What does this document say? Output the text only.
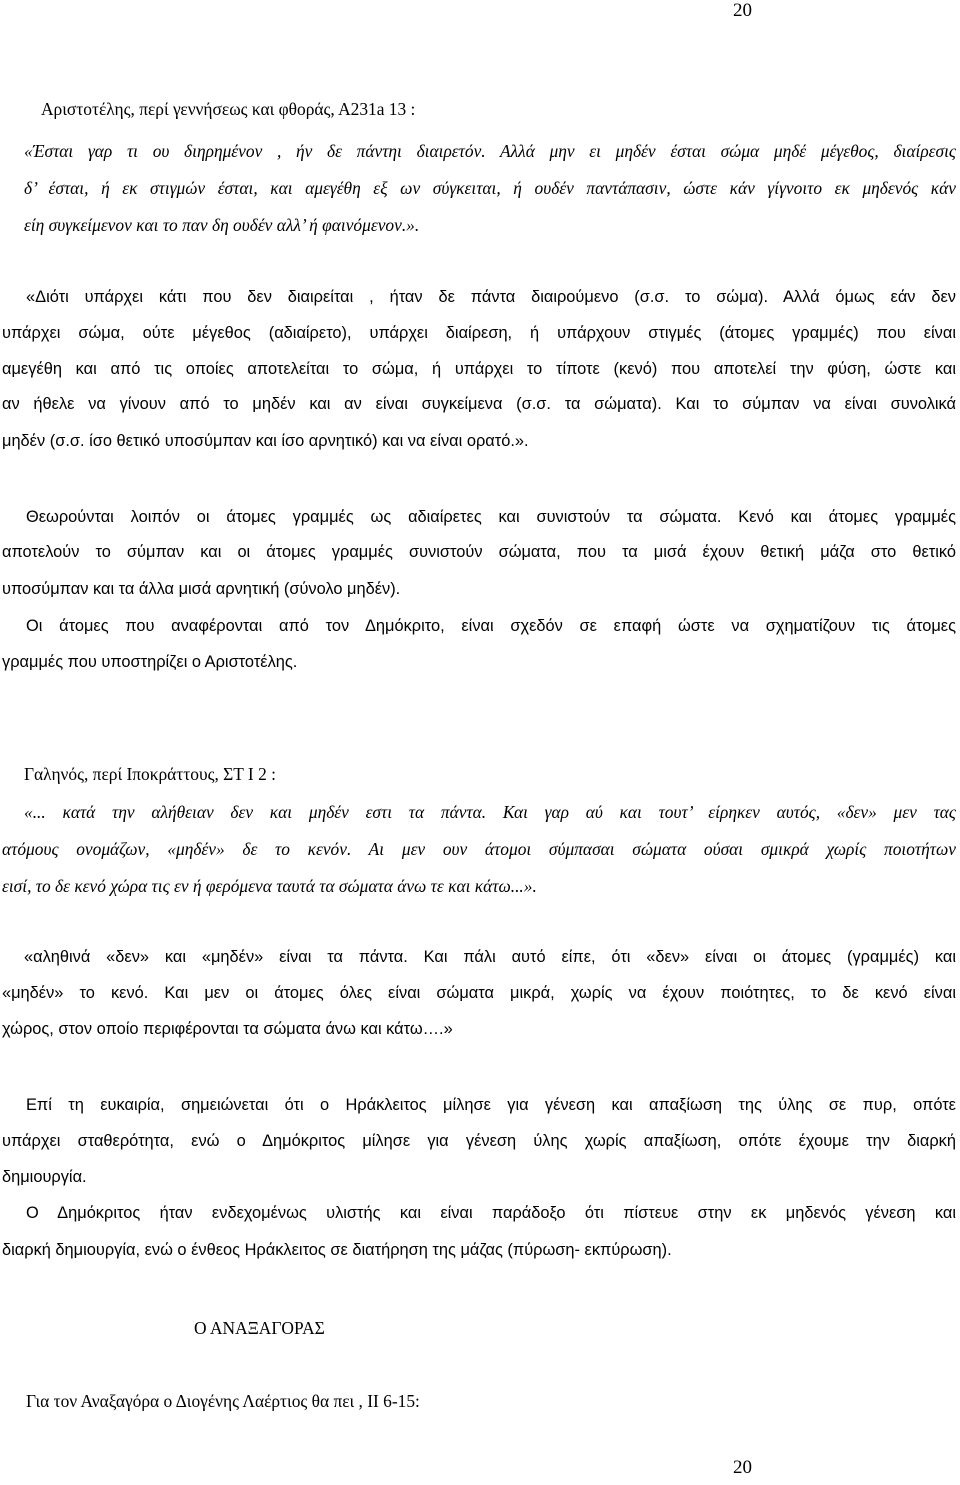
20
Αριστοτέλης, περί γεννήσεως και φθοράς, Α231a 13 :
«Έσται γαρ τι ου διηρημένον , ήν δε πάντηι διαιρετόν. Αλλά μην ει μηδέν έσται σώμα μηδέ μέγεθος, διαίρεσις
δ’ έσται, ή εκ στιγμών έσται, και αμεγέθη εξ ων σύγκειται, ή ουδέν παντάπασιν, ώστε κάν γίγνοιτο εκ μηδενός κάν
είη συγκείμενον και το παν δη ουδέν αλλ’ ή φαινόμενον.».
«Διότι υπάρχει κάτι που δεν διαιρείται , ήταν δε πάντα διαιρούμενο (σ.σ. το σώμα). Αλλά όμως εάν δεν
υπάρχει σώμα, ούτε μέγεθος (αδιαίρετο), υπάρχει διαίρεση, ή υπάρχουν στιγμές (άτομες γραμμές) που είναι
αμεγέθη και από τις οποίες αποτελείται το σώμα, ή υπάρχει το τίποτε (κενό) που αποτελεί την φύση, ώστε και
αν ήθελε να γίνουν από το μηδέν και αν είναι συγκείμενα (σ.σ. τα σώματα). Και το σύμπαν να είναι συνολικά
μηδέν (σ.σ. ίσο θετικό υποσύμπαν και ίσο αρνητικό) και να είναι ορατό.».
Θεωρούνται λοιπόν οι άτομες γραμμές ως αδιαίρετες και συνιστούν τα σώματα. Κενό και άτομες γραμμές
αποτελούν το σύμπαν και οι άτομες γραμμές συνιστούν σώματα, που τα μισά έχουν θετική μάζα στο θετικό
υποσύμπαν και τα άλλα μισά αρνητική (σύνολο μηδέν).
Οι άτομες που αναφέρονται από τον Δημόκριτο, είναι σχεδόν σε επαφή ώστε να σχηματίζουν τις άτομες
γραμμές που υποστηρίζει ο Αριστοτέλης.
Γαληνός, περί Ιποκράττους, ΣΤ Ι 2 :
«... κατά την αλήθειαν δεν και μηδέν εστι τα πάντα. Και γαρ αύ και τουτ’ είρηκεν αυτός, «δεν» μεν τας
ατόμους ονομάζων, «μηδέν» δε το κενόν. Αι μεν ουν άτομοι σύμπασαι σώματα ούσαι σμικρά χωρίς ποιοτήτων
εισί, το δε κενό χώρα τις εν ή φερόμενα ταυτά τα σώματα άνω τε και κάτω...».
«αληθινά «δεν» και «μηδέν» είναι τα πάντα. Και πάλι αυτό είπε, ότι «δεν» είναι οι άτομες (γραμμές) και
«μηδέν» το κενό. Και μεν οι άτομες όλες είναι σώματα μικρά, χωρίς να έχουν ποιότητες, το δε κενό είναι
χώρος, στον οποίο περιφέρονται τα σώματα άνω και κάτω….»
Επί τη ευκαιρία, σημειώνεται ότι ο Ηράκλειτος μίλησε για γένεση και απαξίωση της ύλης σε πυρ, οπότε
υπάρχει σταθερότητα, ενώ ο Δημόκριτος μίλησε για γένεση ύλης χωρίς απαξίωση, οπότε έχουμε την διαρκή
δημιουργία.
Ο Δημόκριτος ήταν ενδεχομένως υλιστής και είναι παράδοξο ότι πίστευε στην εκ μηδενός γένεση και
διαρκή δημιουργία, ενώ ο ένθεος Ηράκλειτος σε διατήρηση της μάζας (πύρωση- εκπύρωση).
Ο ΑΝΑΞΑΓΟΡΑΣ
Για τον Αναξαγόρα ο Διογένης Λαέρτιος θα πει , ΙΙ 6-15:
20
